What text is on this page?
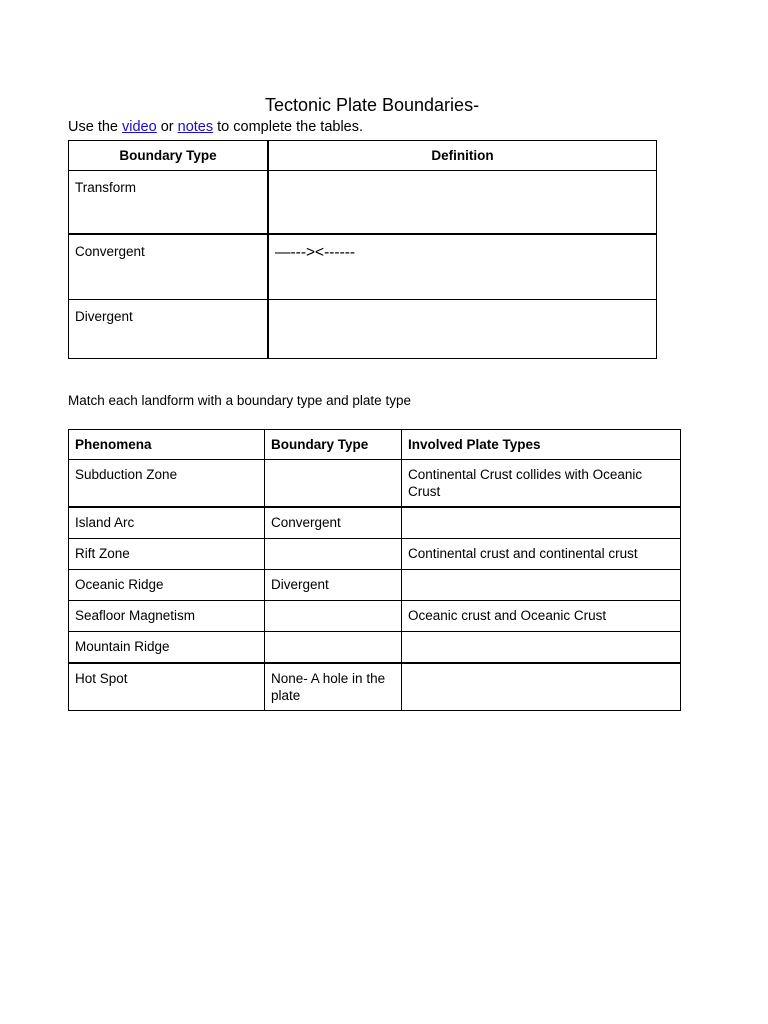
Tectonic Plate Boundaries-
Use the video or notes to complete the tables.
Boundary Type	Definition
Transform	
Convergent	—---><------
Divergent	
Match each landform with a boundary type and plate type
Phenomena	Boundary Type	Involved Plate Types
Subduction Zone		Continental Crust collides with Oceanic Crust
Island Arc	Convergent	
Rift Zone		Continental crust and continental crust
Oceanic Ridge	Divergent	
Seafloor Magnetism		Oceanic crust and Oceanic Crust
Mountain Ridge		
Hot Spot	None- A hole in the plate	
